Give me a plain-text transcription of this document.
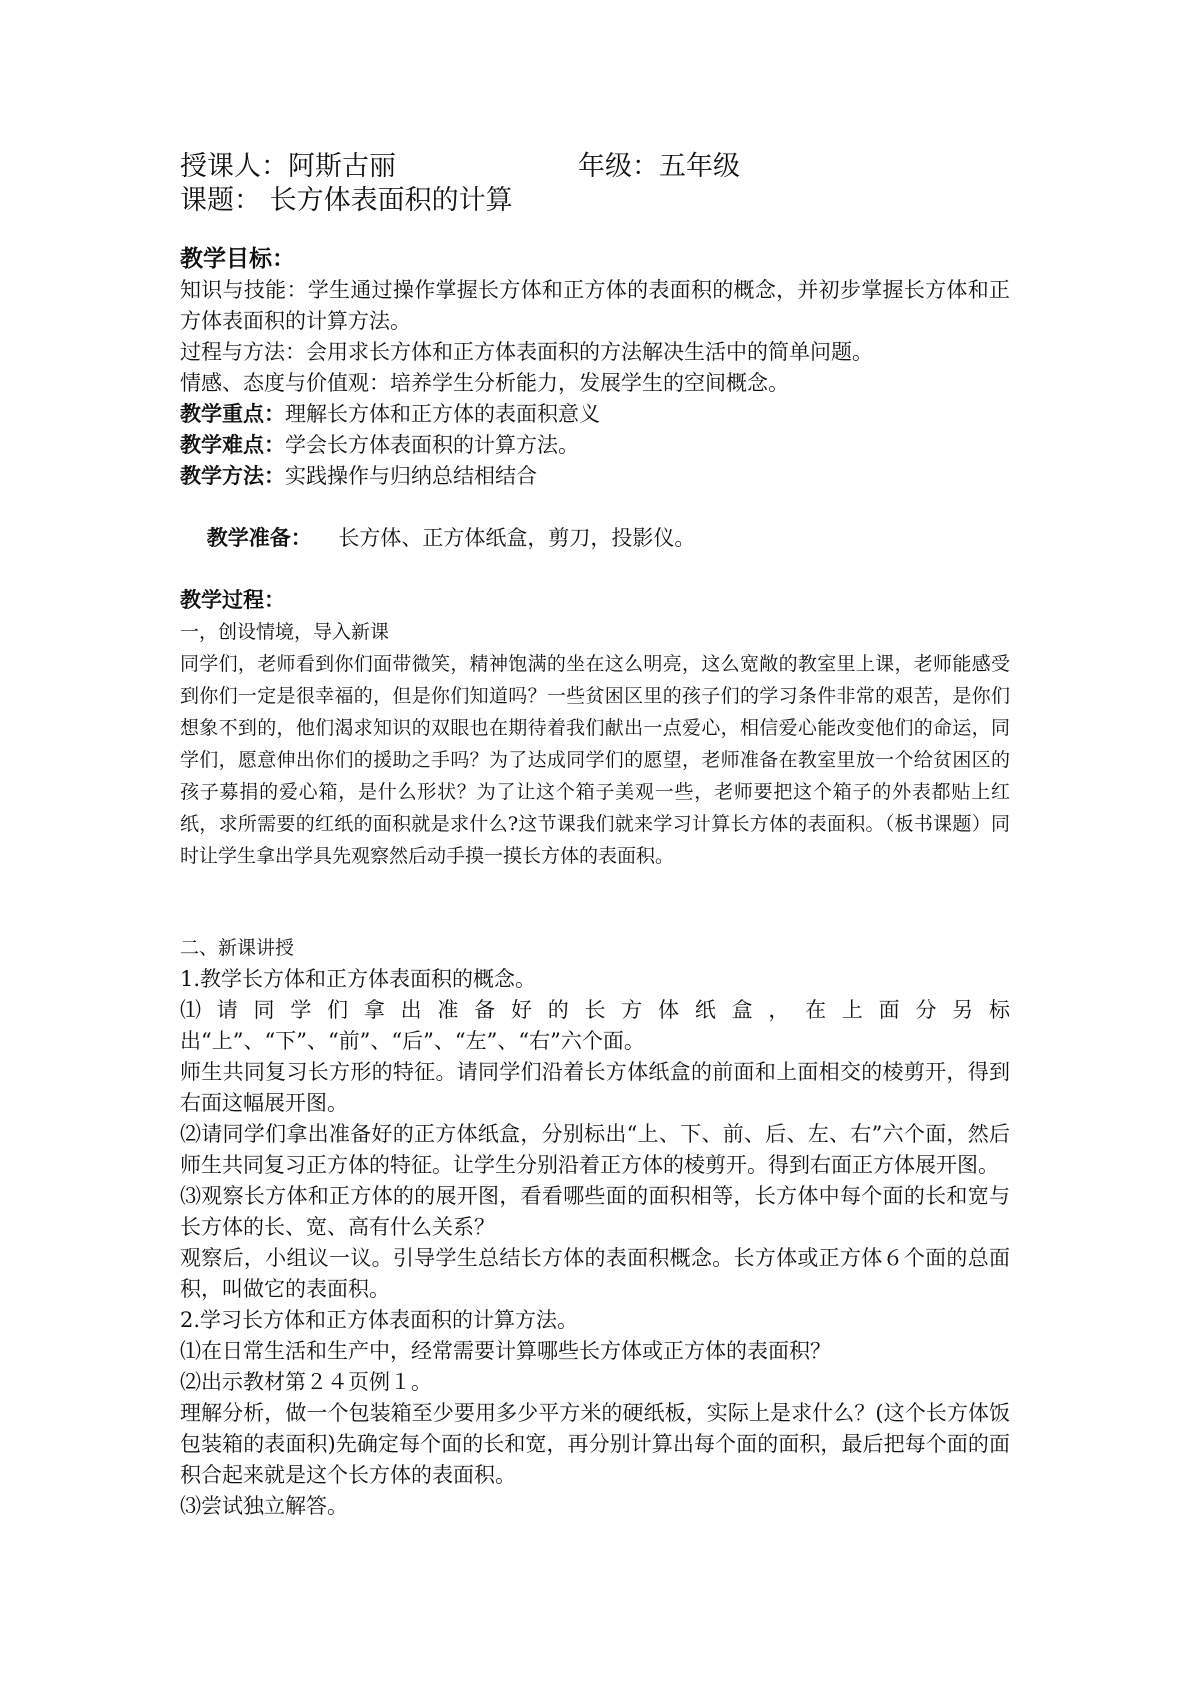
授课人：阿斯古丽	年级：五年级
课题： 长方体表面积的计算
教学目标：

知识与技能：学生通过操作掌握长方体和正方体的表面积的概念，并初步掌握长方体和正方体表面积的计算方法。

过程与方法：会用求长方体和正方体表面积的方法解决生活中的简单问题。

情感、态度与价值观：培养学生分析能力，发展学生的空间概念。

教学重点：理解长方体和正方体的表面积意义

教学难点：学会长方体表面积的计算方法。

教学方法：实践操作与归纳总结相结合

教学准备：    长方体、正方体纸盒，剪刀，投影仪。

教学过程：

一，创设情境，导入新课

同学们，老师看到你们面带微笑，精神饱满的坐在这么明亮，这么宽敞的教室里上课，老师能感受到你们一定是很幸福的，但是你们知道吗？一些贫困区里的孩子们的学习条件非常的艰苦，是你们想象不到的，他们渴求知识的双眼也在期待着我们献出一点爱心，相信爱心能改变他们的命运，同学们，愿意伸出你们的援助之手吗？为了达成同学们的愿望，老师准备在教室里放一个给贫困区的孩子募捐的爱心箱，是什么形状？为了让这个箱子美观一些，老师要把这个箱子的外表都贴上红纸，求所需要的红纸的面积就是求什么?这节课我们就来学习计算长方体的表面积。（板书课题）同时让学生拿出学具先观察然后动手摸一摸长方体的表面积。

二、新课讲授

1.教学长方体和正方体表面积的概念。

⑴请同学们拿出准备好的长方体纸盒，在上面分另标出“上”、“下”、“前”、“后”、“左”、“右”六个面。

师生共同复习长方形的特征。请同学们沿着长方体纸盒的前面和上面相交的棱剪开，得到右面这幅展开图。

⑵请同学们拿出准备好的正方体纸盒，分别标出“上、下、前、后、左、右”六个面，然后师生共同复习正方体的特征。让学生分别沿着正方体的棱剪开。得到右面正方体展开图。

⑶观察长方体和正方体的的展开图，看看哪些面的面积相等，长方体中每个面的长和宽与长方体的长、宽、高有什么关系？

观察后，小组议一议。引导学生总结长方体的表面积概念。长方体或正方体６个面的总面积，叫做它的表面积。

2.学习长方体和正方体表面积的计算方法。

⑴在日常生活和生产中，经常需要计算哪些长方体或正方体的表面积？

⑵出示教材第２４页例１。

理解分析，做一个包装箱至少要用多少平方米的硬纸板，实际上是求什么？(这个长方体饭包装箱的表面积)先确定每个面的长和宽，再分别计算出每个面的面积，最后把每个面的面积合起来就是这个长方体的表面积。

⑶尝试独立解答。
